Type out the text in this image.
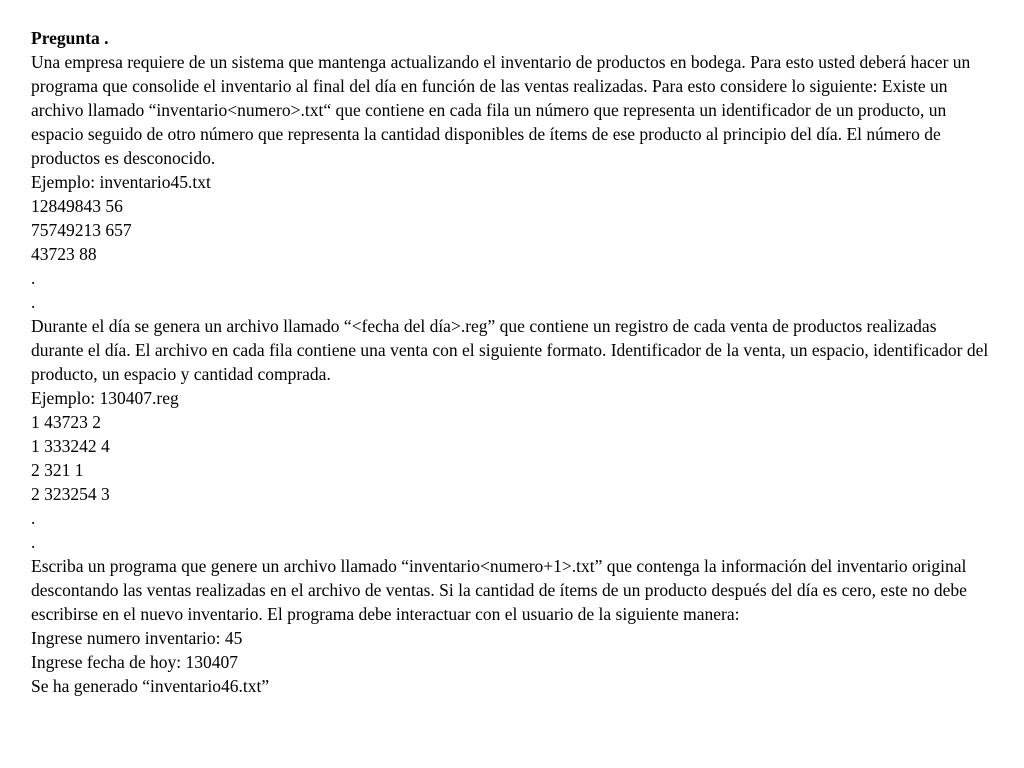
Pregunta .
Una empresa requiere de un sistema que mantenga actualizando el inventario de productos en bodega. Para esto usted deberá hacer un programa que consolide el inventario al final del día en función de las ventas realizadas. Para esto considere lo siguiente: Existe un archivo llamado “inventario<numero>.txt“ que contiene en cada fila un número que representa un identificador de un producto, un espacio seguido de otro número que representa la cantidad disponibles de ítems de ese producto al principio del día. El número de productos es desconocido.
Ejemplo: inventario45.txt
12849843 56
75749213 657
43723 88
.
.
Durante el día se genera un archivo llamado “<fecha del día>.reg” que contiene un registro de cada venta de productos realizadas durante el día. El archivo en cada fila contiene una venta con el siguiente formato. Identificador de la venta, un espacio, identificador del producto, un espacio y cantidad comprada.
Ejemplo: 130407.reg
1 43723 2
1 333242 4
2 321 1
2 323254 3
.
.
Escriba un programa que genere un archivo llamado “inventario<numero+1>.txt” que contenga la información del inventario original descontando las ventas realizadas en el archivo de ventas. Si la cantidad de ítems de un producto después del día es cero, este no debe escribirse en el nuevo inventario. El programa debe interactuar con el usuario de la siguiente manera:
Ingrese numero inventario: 45
Ingrese fecha de hoy: 130407
Se ha generado “inventario46.txt”
